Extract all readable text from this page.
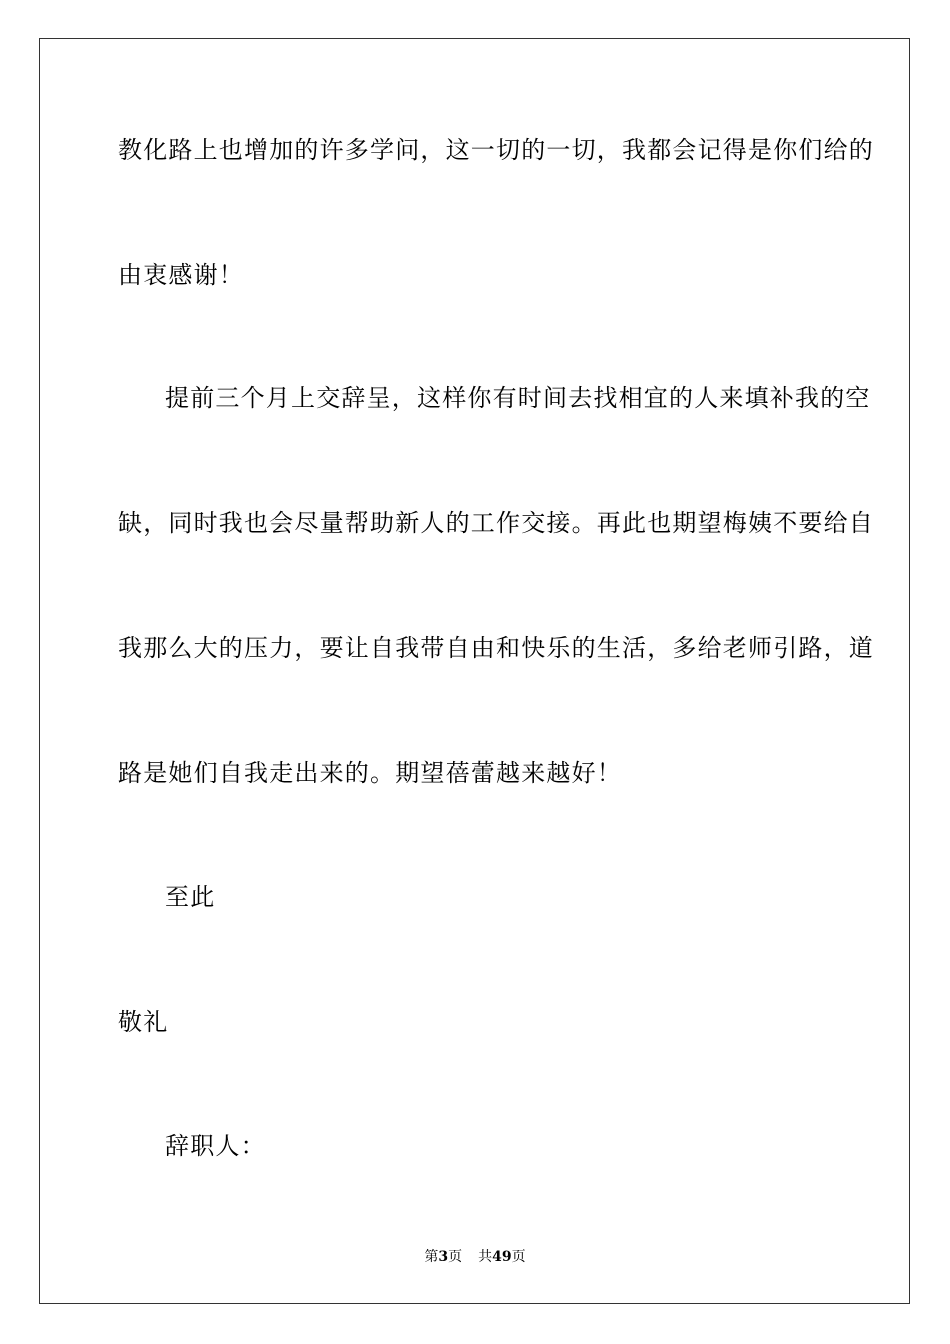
教化路上也增加的许多学问，这一切的一切，我都会记得是你们给的
由衷感谢！
提前三个月上交辞呈，这样你有时间去找相宜的人来填补我的空
缺，同时我也会尽量帮助新人的工作交接。再此也期望梅姨不要给自
我那么大的压力，要让自我带自由和快乐的生活，多给老师引路，道
路是她们自我走出来的。期望蓓蕾越来越好！
至此
敬礼
辞职人：
第3页 共49页
